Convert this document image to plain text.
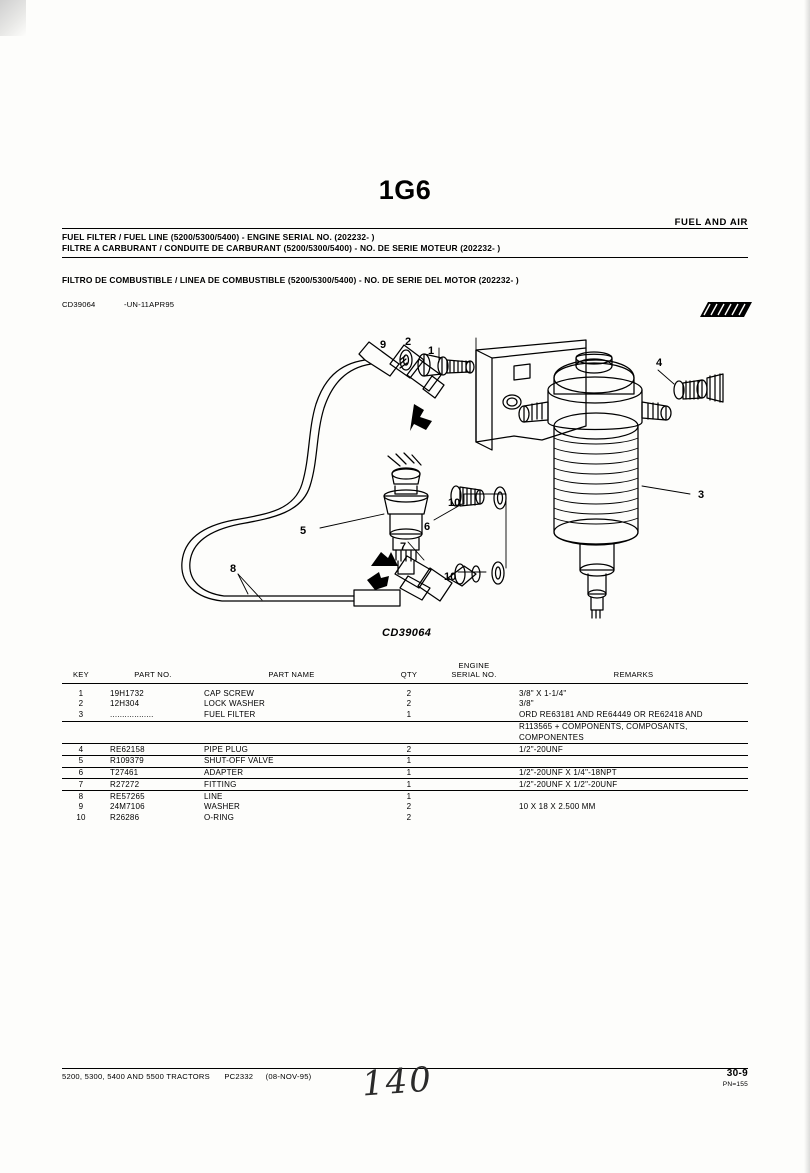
1G6
FUEL AND AIR
FUEL FILTER / FUEL LINE (5200/5300/5400) - ENGINE SERIAL NO. (202232- )
FILTRE A CARBURANT / CONDUITE DE CARBURANT (5200/5300/5400) - NO. DE SERIE MOTEUR (202232- )
FILTRO DE COMBUSTIBLE / LINEA DE COMBUSTIBLE (5200/5300/5400) - NO. DE SERIE DEL MOTOR (202232- )
CD39064	-UN-11APR95
9 2
1
4
3
10
6
5
7
10
8
CD39064
KEY	PART NO.	PART NAME	QTY	ENGINE
SERIAL NO.	REMARKS

1	19H1732	CAP SCREW	2		3/8" X 1-1/4"
2	12H304	LOCK WASHER	2		3/8"
3	..................	FUEL FILTER	1		ORD RE63181 AND RE64449 OR RE62418 AND
					R113565 + COMPONENTS, COMPOSANTS,
					COMPONENTES
4	RE62158	PIPE PLUG	2		1/2"-20UNF
5	R109379	SHUT-OFF VALVE	1		
6	T27461	ADAPTER	1		1/2"-20UNF X 1/4"-18NPT
7	R27272	FITTING	1		1/2"-20UNF X 1/2"-20UNF
8	RE57265	LINE	1		
9	24M7106	WASHER	2		10 X 18 X 2.500 MM
10	R26286	O-RING	2		
5200, 5300, 5400 AND 5500 TRACTORS PC2332 (08-NOV-95)	30-9
PN=155
140
